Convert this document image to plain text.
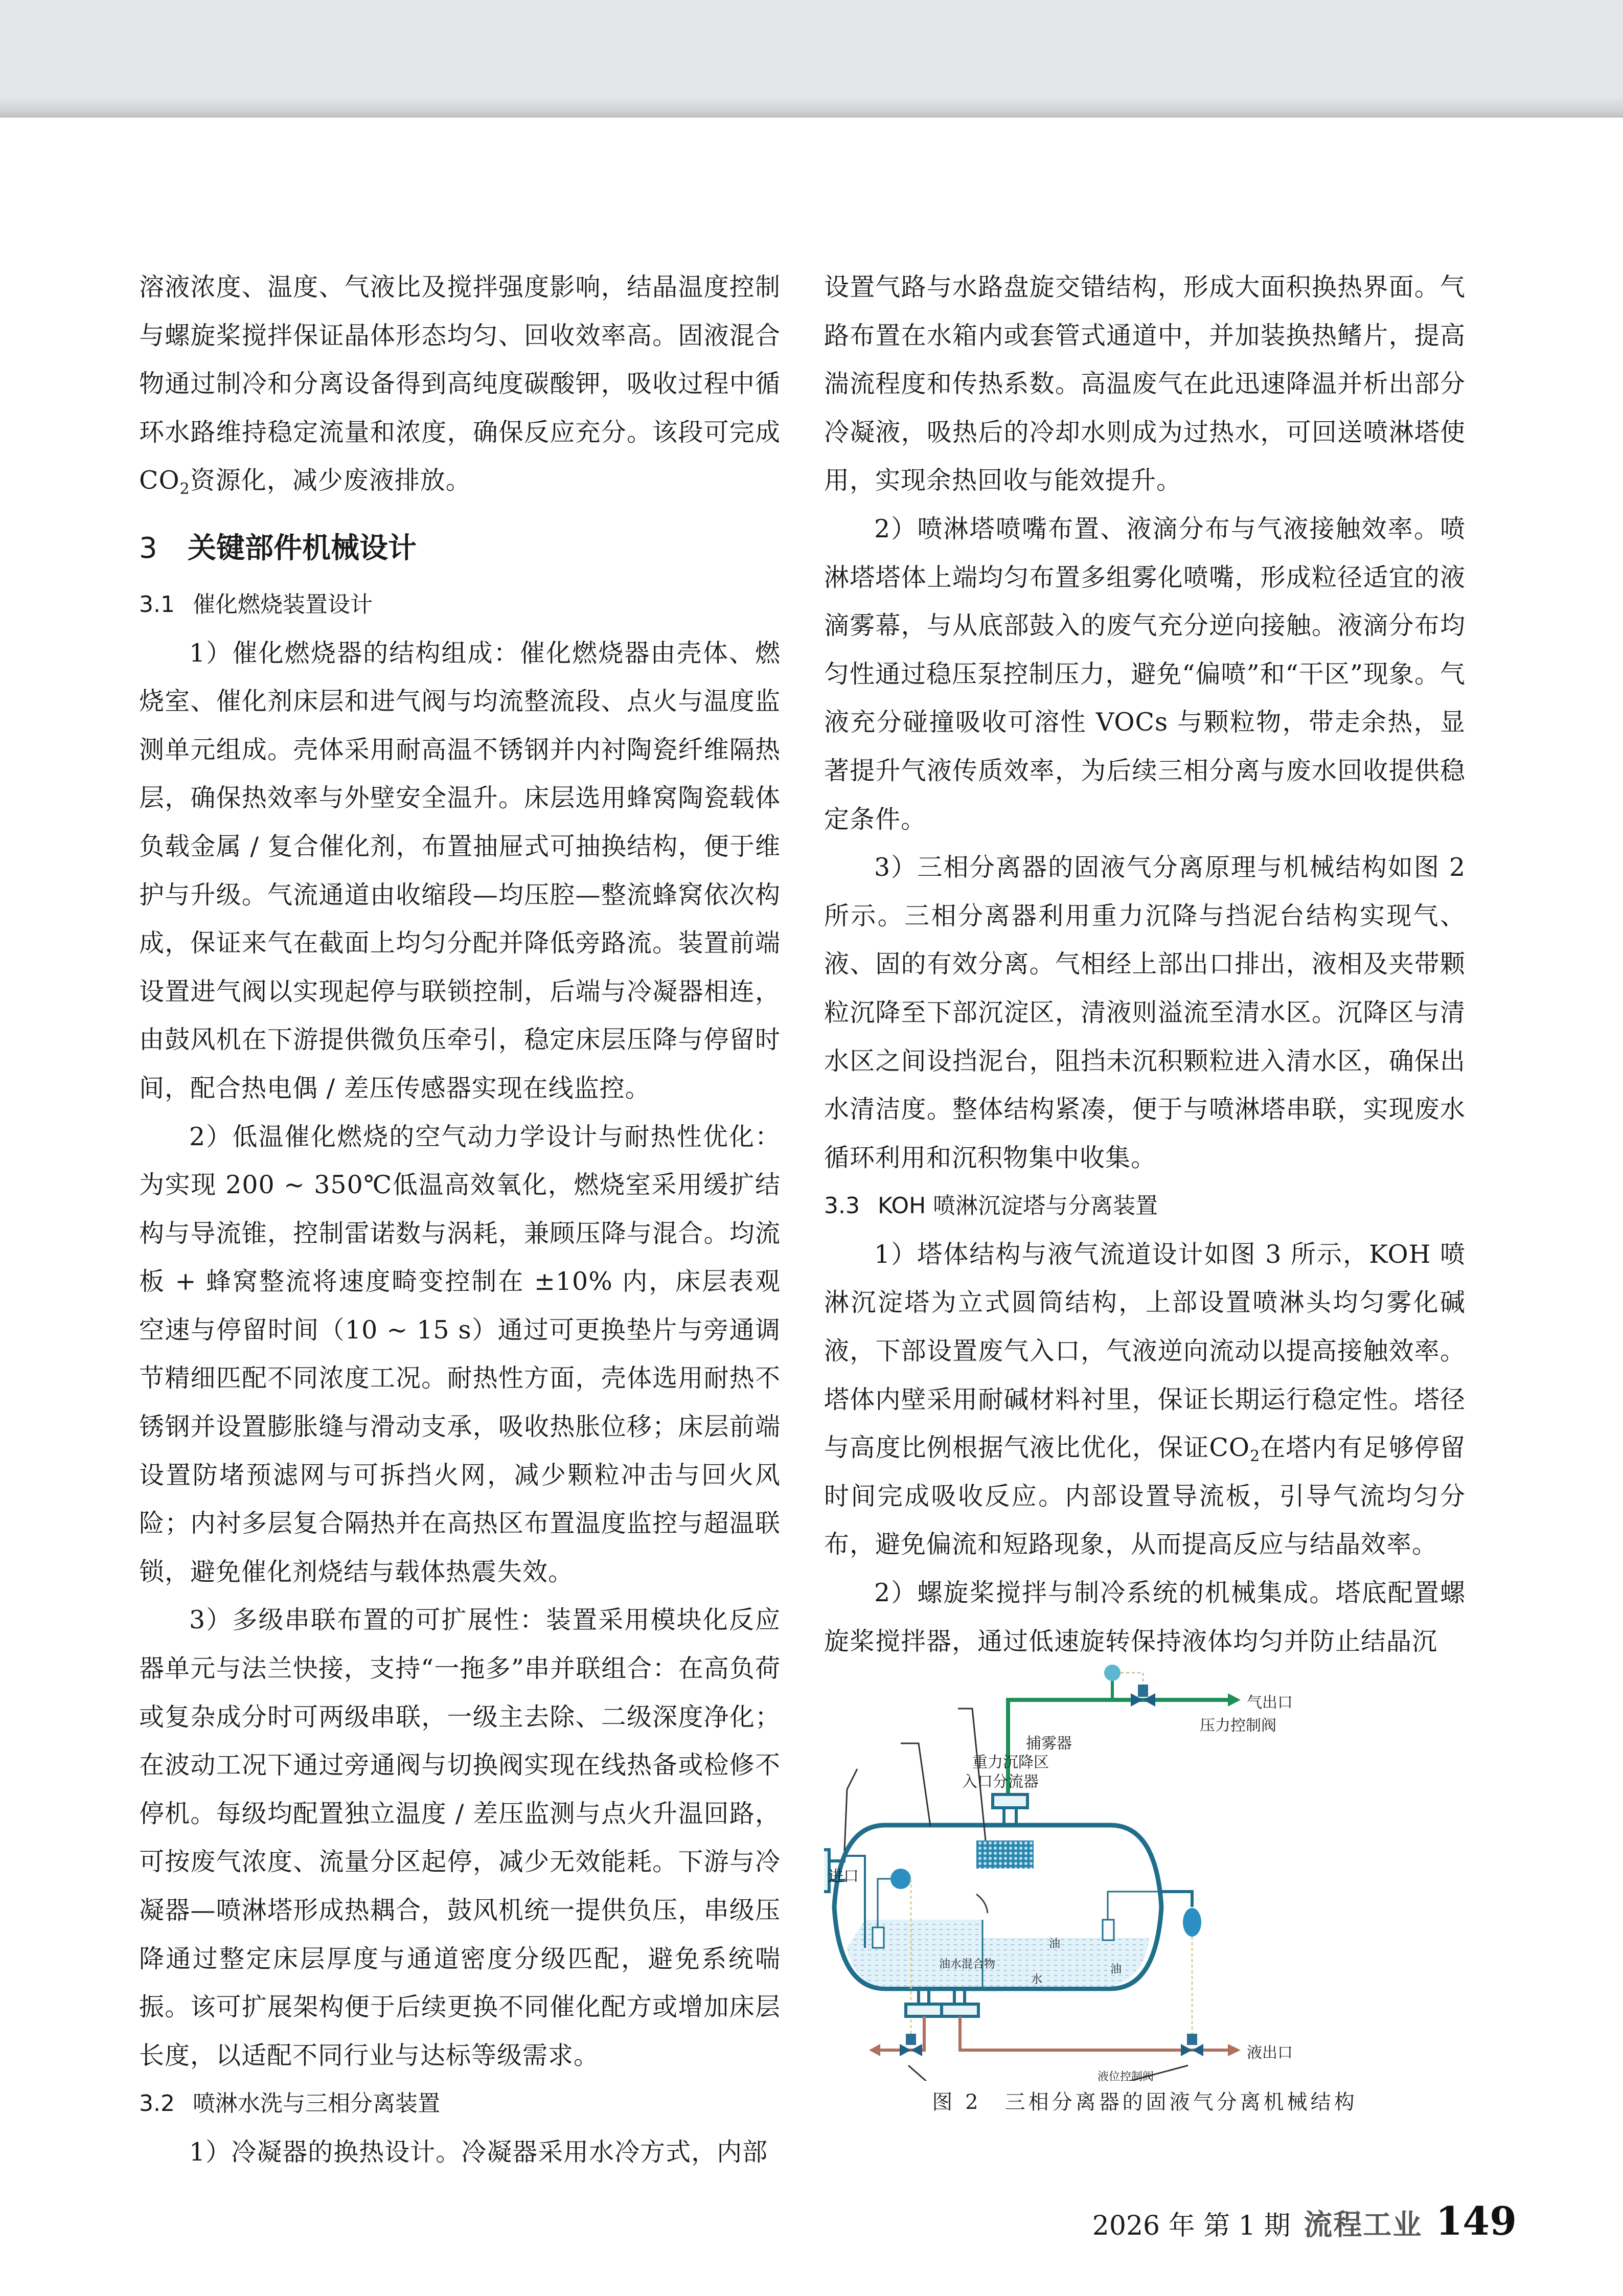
溶液浓度、温度、气液比及搅拌强度影响，结晶温度控制与螺旋桨搅拌保证晶体形态均匀、回收效率高。固液混合物通过制冷和分离设备得到高纯度碳酸钾，吸收过程中循环水路维持稳定流量和浓度，确保反应充分。该段可完成$CO_2$资源化，减少废液排放。

3 关键部件机械设计
3.1 催化燃烧装置设计

1）催化燃烧器的结构组成：催化燃烧器由壳体、燃烧室、催化剂床层和进气阀与均流整流段、点火与温度监测单元组成。壳体采用耐高温不锈钢并内衬陶瓷纤维隔热层，确保热效率与外壁安全温升。床层选用蜂窝陶瓷载体负载金属 / 复合催化剂，布置抽屉式可抽换结构，便于维护与升级。气流通道由收缩段—均压腔—整流蜂窝依次构成，保证来气在截面上均匀分配并降低旁路流。装置前端设置进气阀以实现起停与联锁控制，后端与冷凝器相连，由鼓风机在下游提供微负压牵引，稳定床层压降与停留时间，配合热电偶 / 差压传感器实现在线监控。

2）低温催化燃烧的空气动力学设计与耐热性优化：为实现 200 ~ 350℃低温高效氧化，燃烧室采用缓扩结构与导流锥，控制雷诺数与涡耗，兼顾压降与混合。均流板 + 蜂窝整流将速度畸变控制在 ±10% 内，床层表观空速与停留时间（10 ~ 15 s）通过可更换垫片与旁通调节精细匹配不同浓度工况。耐热性方面，壳体选用耐热不锈钢并设置膨胀缝与滑动支承，吸收热胀位移；床层前端设置防堵预滤网与可拆挡火网，减少颗粒冲击与回火风险；内衬多层复合隔热并在高热区布置温度监控与超温联锁，避免催化剂烧结与载体热震失效。

3）多级串联布置的可扩展性：装置采用模块化反应器单元与法兰快接，支持“一拖多”串并联组合：在高负荷或复杂成分时可两级串联，一级主去除、二级深度净化；在波动工况下通过旁通阀与切换阀实现在线热备或检修不停机。每级均配置独立温度 / 差压监测与点火升温回路，可按废气浓度、流量分区起停，减少无效能耗。下游与冷凝器—喷淋塔形成热耦合，鼓风机统一提供负压，串级压降通过整定床层厚度与通道密度分级匹配，避免系统喘振。该可扩展架构便于后续更换不同催化配方或增加床层长度，以适配不同行业与达标等级需求。

3.2 喷淋水洗与三相分离装置

1）冷凝器的换热设计。冷凝器采用水冷方式，内部

设置气路与水路盘旋交错结构，形成大面积换热界面。气路布置在水箱内或套管式通道中，并加装换热鳍片，提高湍流程度和传热系数。高温废气在此迅速降温并析出部分冷凝液，吸热后的冷却水则成为过热水，可回送喷淋塔使用，实现余热回收与能效提升。

2）喷淋塔喷嘴布置、液滴分布与气液接触效率。喷淋塔塔体上端均匀布置多组雾化喷嘴，形成粒径适宜的液滴雾幕，与从底部鼓入的废气充分逆向接触。液滴分布均匀性通过稳压泵控制压力，避免“偏喷”和“干区”现象。气液充分碰撞吸收可溶性 VOCs 与颗粒物，带走余热，显著提升气液传质效率，为后续三相分离与废水回收提供稳定条件。

3）三相分离器的固液气分离原理与机械结构如图 2 所示。三相分离器利用重力沉降与挡泥台结构实现气、液、固的有效分离。气相经上部出口排出，液相及夹带颗粒沉降至下部沉淀区，清液则溢流至清水区。沉降区与清水区之间设挡泥台，阻挡未沉积颗粒进入清水区，确保出水清洁度。整体结构紧凑，便于与喷淋塔串联，实现废水循环利用和沉积物集中收集。

3.3 KOH 喷淋沉淀塔与分离装置

1）塔体结构与液气流道设计如图 3 所示，KOH 喷淋沉淀塔为立式圆筒结构，上部设置喷淋头均匀雾化碱液，下部设置废气入口，气液逆向流动以提高接触效率。塔体内壁采用耐碱材料衬里，保证长期运行稳定性。塔径与高度比例根据气液比优化，保证$CO_2$在塔内有足够停留时间完成吸收反应。内部设置导流板，引导气流均匀分布，避免偏流和短路现象，从而提高反应与结晶效率。

2）螺旋桨搅拌与制冷系统的机械集成。塔底配置螺旋桨搅拌器，通过低速旋转保持液体均匀并防止结晶沉

气出口
压力控制阀
捕雾器
重力沉降区
入口分流器
进口
油水混合物
油
水
油
液出口
液位控制阀
图 2　三相分离器的固液气分离机械结构
2026 年 第 1 期 流程工业 149
